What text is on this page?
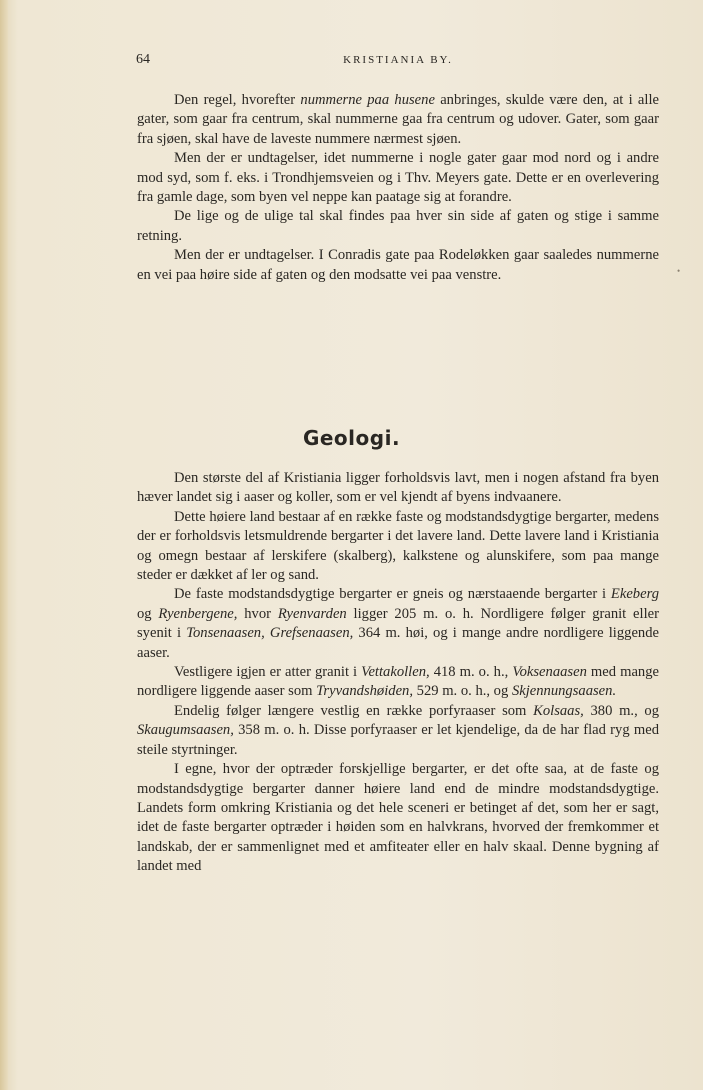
64	KRISTIANIA BY.

Den regel, hvorefter nummerne paa husene anbringes, skulde være den, at i alle gater, som gaar fra centrum, skal nummerne gaa fra centrum og udover. Gater, som gaar fra sjøen, skal have de laveste nummere nærmest sjøen.

Men der er undtagelser, idet nummerne i nogle gater gaar mod nord og i andre mod syd, som f. eks. i Trondhjemsveien og i Thv. Meyers gate. Dette er en overlevering fra gamle dage, som byen vel neppe kan paatage sig at forandre.

De lige og de ulige tal skal findes paa hver sin side af gaten og stige i samme retning.

Men der er undtagelser. I Conradis gate paa Rodeløkken gaar saaledes nummerne en vei paa høire side af gaten og den modsatte vei paa venstre.

Geologi.

Den største del af Kristiania ligger forholdsvis lavt, men i nogen afstand fra byen hæver landet sig i aaser og koller, som er vel kjendt af byens indvaanere.

Dette høiere land bestaar af en række faste og modstandsdygtige bergarter, medens der er forholdsvis letsmuldrende bergarter i det lavere land. Dette lavere land i Kristiania og omegn bestaar af lerskifere (skalberg), kalkstene og alunskifere, som paa mange steder er dækket af ler og sand.

De faste modstandsdygtige bergarter er gneis og nærstaaende bergarter i Ekeberg og Ryenbergene, hvor Ryenvarden ligger 205 m. o. h. Nordligere følger granit eller syenit i Tonsenaasen, Grefsenaasen, 364 m. høi, og i mange andre nordligere liggende aaser.

Vestligere igjen er atter granit i Vettakollen, 418 m. o. h., Voksenaasen med mange nordligere liggende aaser som Tryvandshøiden, 529 m. o. h., og Skjennungsaasen.

Endelig følger længere vestlig en række porfyraaser som Kolsaas, 380 m., og Skaugumsaasen, 358 m. o. h. Disse porfyraaser er let kjendelige, da de har flad ryg med steile styrtninger.

I egne, hvor der optræder forskjellige bergarter, er det ofte saa, at de faste og modstandsdygtige bergarter danner høiere land end de mindre modstandsdygtige. Landets form omkring Kristiania og det hele sceneri er betinget af det, som her er sagt, idet de faste bergarter optræder i høiden som en halvkrans, hvorved der fremkommer et landskab, der er sammenlignet med et amfiteater eller en halv skaal. Denne bygning af landet med

•
